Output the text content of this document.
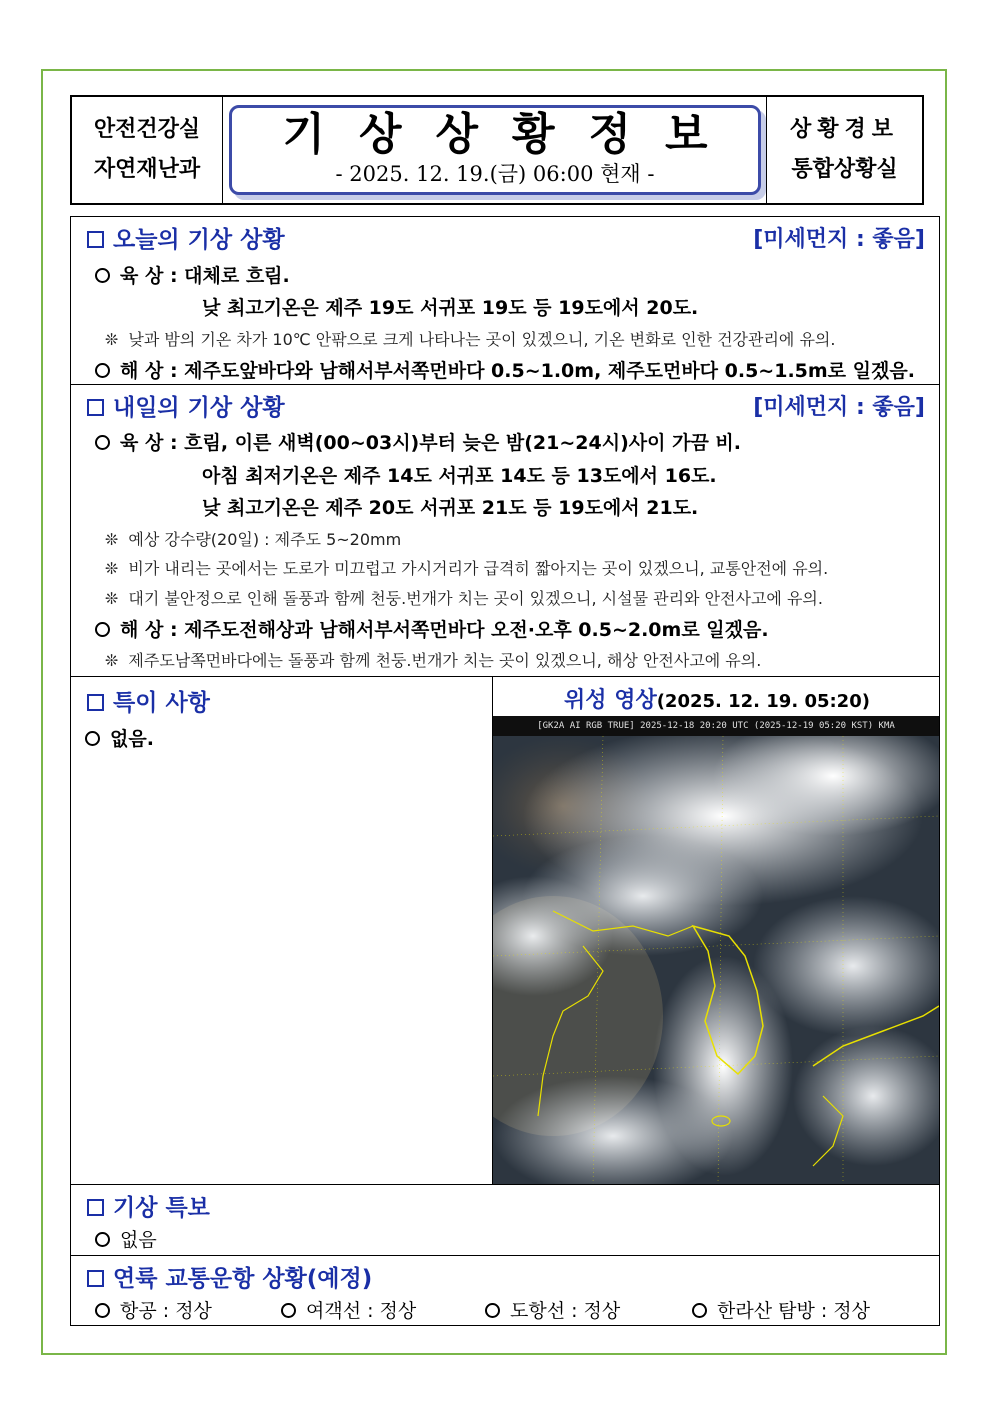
안전건강실
자연재난과
기상상황정보
- 2025. 12. 19.(금) 06:00 현재 -
상황경보
통합상황실
오늘의 기상 상황	[미세먼지 : 좋음]
육 상 : 대체로 흐림.
낮 최고기온은 제주 19도 서귀포 19도 등 19도에서 20도.
❊ 낮과 밤의 기온 차가 10℃ 안팎으로 크게 나타나는 곳이 있겠으니, 기온 변화로 인한 건강관리에 유의.
해 상 : 제주도앞바다와 남해서부서쪽먼바다 0.5~1.0m, 제주도먼바다 0.5~1.5m로 일겠음.
내일의 기상 상황	[미세먼지 : 좋음]
육 상 : 흐림, 이른 새벽(00~03시)부터 늦은 밤(21~24시)사이 가끔 비.
아침 최저기온은 제주 14도 서귀포 14도 등 13도에서 16도.
낮 최고기온은 제주 20도 서귀포 21도 등 19도에서 21도.
❊ 예상 강수량(20일) : 제주도 5~20mm
❊ 비가 내리는 곳에서는 도로가 미끄럽고 가시거리가 급격히 짧아지는 곳이 있겠으니, 교통안전에 유의.
❊ 대기 불안정으로 인해 돌풍과 함께 천둥.번개가 치는 곳이 있겠으니, 시설물 관리와 안전사고에 유의.
해 상 : 제주도전해상과 남해서부서쪽먼바다 오전·오후 0.5~2.0m로 일겠음.
❊ 제주도남쪽먼바다에는 돌풍과 함께 천둥.번개가 치는 곳이 있겠으니, 해상 안전사고에 유의.
특이 사항
없음.
위성 영상(2025. 12. 19. 05:20)
[GK2A AI RGB TRUE] 2025-12-18 20:20 UTC (2025-12-19 05:20 KST) KMA
기상 특보
없음
연륙 교통운항 상황(예정)
항공 : 정상	여객선 : 정상	도항선 : 정상	한라산 탐방 : 정상
